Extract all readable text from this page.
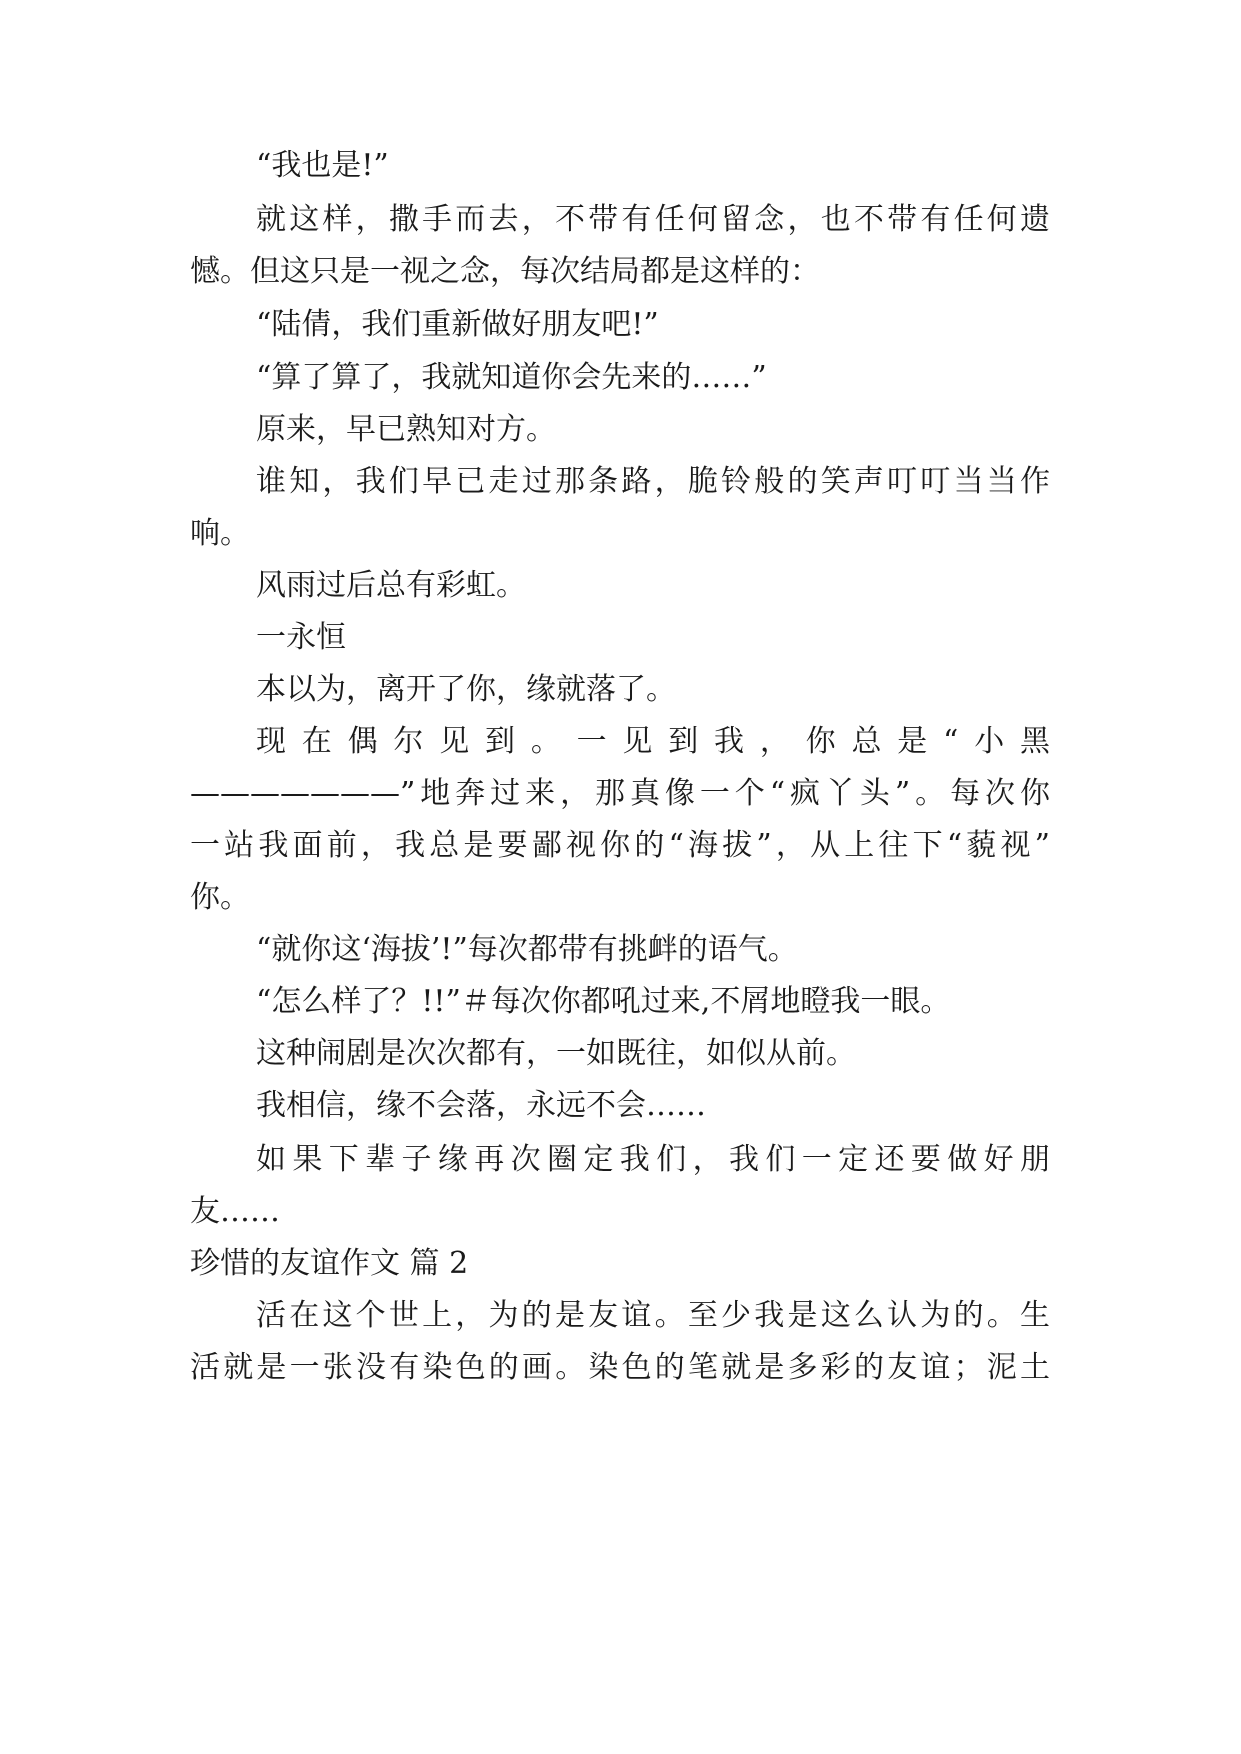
“我也是!”
就这样，撒手而去，不带有任何留念，也不带有任何遗
憾。但这只是一视之念，每次结局都是这样的：
“陆倩，我们重新做好朋友吧!”
“算了算了，我就知道你会先来的……”
原来，早已熟知对方。
谁知，我们早已走过那条路，脆铃般的笑声叮叮当当作
响。
风雨过后总有彩虹。
一永恒
本以为，离开了你，缘就落了。
现在偶尔见到。一见到我，你总是“小黑
———————”地奔过来，那真像一个“疯丫头”。每次你
一站我面前，我总是要鄙视你的“海拔”，从上往下“藐视”
你。
“就你这‘海拔’!”每次都带有挑衅的语气。
“怎么样了？!!”＃每次你都吼过来,不屑地瞪我一眼。
这种闹剧是次次都有，一如既往，如似从前。
我相信，缘不会落，永远不会……
如果下辈子缘再次圈定我们，我们一定还要做好朋
友……
珍惜的友谊作文 篇 2
活在这个世上，为的是友谊。至少我是这么认为的。生
活就是一张没有染色的画。染色的笔就是多彩的友谊；泥土
